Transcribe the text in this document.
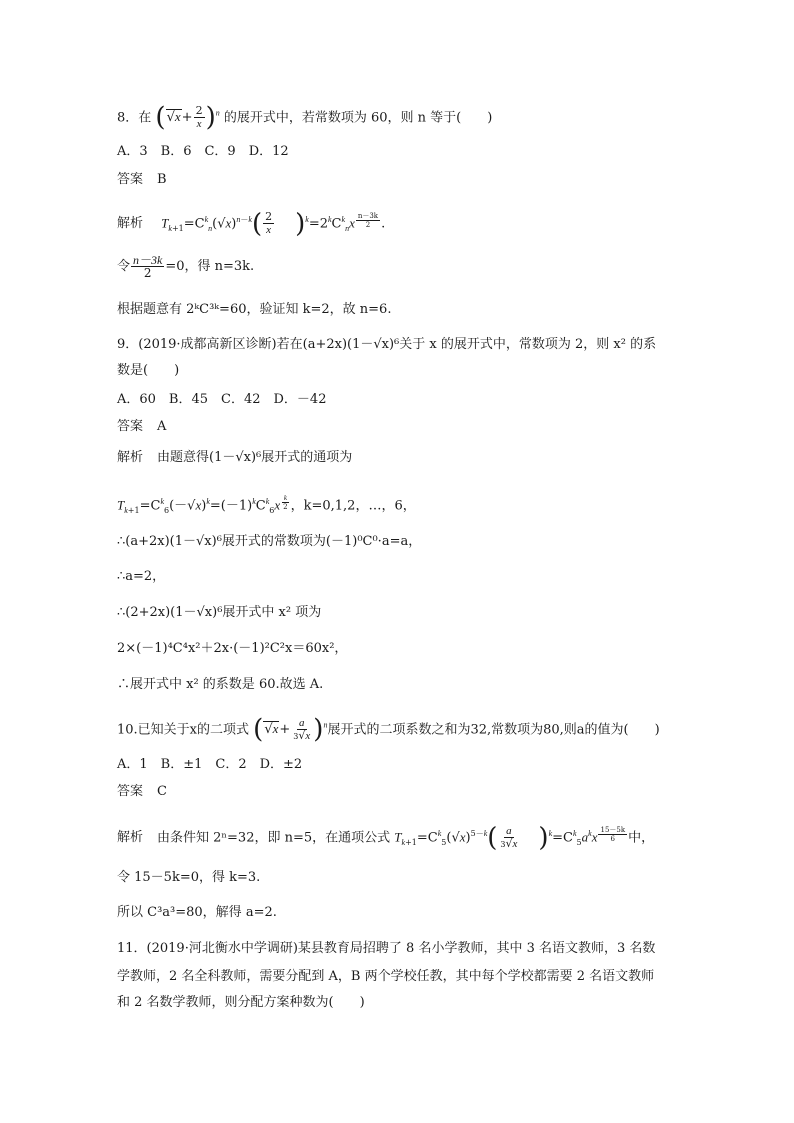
8．在 $(√x+ \frac{2}{x} )^n$ 的展开式中，若常数项为 60，则 n 等于( )
A．3　B．6　C．9　D．12
答案 B
解析 $T_{k+1}=C^k_n(√x)^{n-k}( \frac{2}{x} )^k=2^kC^k_nx$ $^{\frac{n-3k}{2}}$ .
令 $\frac{n-3k}{2} =0$，得 n=3k.
根据题意有 2ᵏC³ᵏ=60，验证知 k=2，故 n=6.
9．(2019·成都高新区诊断)若在(a+2x)(1－√x)⁶关于 x 的展开式中，常数项为 2，则 x² 的系
数是( )
A．60　B．45　C．42　D．－42
答案 A
解析 由题意得(1－√x)⁶展开式的通项为
$T_{k+1}=C^k_6(-√x)^k=(-1)^kC^k_6x$ $^{\frac{k}{2}}$ ，k=0,1,2，…，6，
∴(a+2x)(1－√x)⁶展开式的常数项为(－1)⁰C⁰·a=a，
∴a=2，
∴(2+2x)(1－√x)⁶展开式中 x² 项为
2×(－1)⁴C⁴x²＋2x·(－1)²C²x＝60x²，
∴展开式中 x² 的系数是 60.故选 A.
10.已知关于x的二项式 $(√x+ \frac{a}{3√x} )^n$展开式的二项系数之和为32,常数项为80,则a的值为( )
A．1　B．±1　C．2　D．±2
答案 C
解析 由条件知 2ⁿ=32，即 n=5，在通项公式 $T_{k+1}=C^k_5(√x)^{5-k}( \frac{a}{3√x} )^k=C^k_5a^kx$ $^{\frac{15-5k}{6}}$ 中，
令 15－5k=0，得 k=3.
所以 C³a³=80，解得 a=2.
11．(2019·河北衡水中学调研)某县教育局招聘了 8 名小学教师，其中 3 名语文教师，3 名数
学教师，2 名全科教师，需要分配到 A，B 两个学校任教，其中每个学校都需要 2 名语文教师
和 2 名数学教师，则分配方案种数为( )
